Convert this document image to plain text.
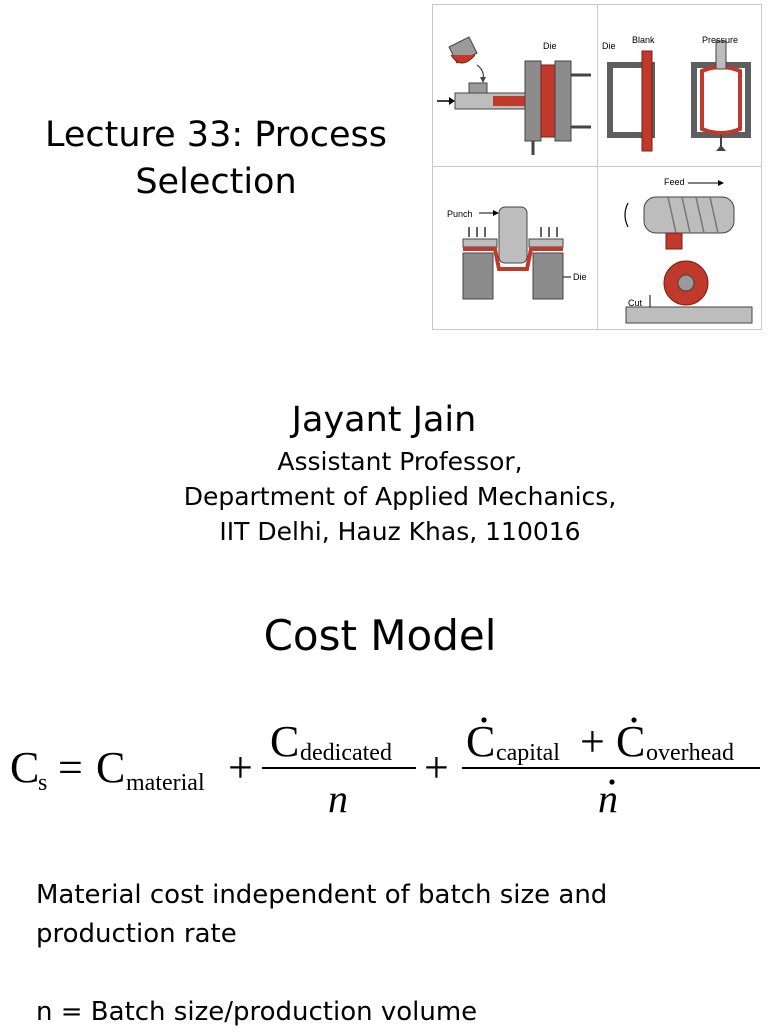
Lecture 33: Process
Selection
Die	Die
Blank	Pressure
Punch
Die
Feed
Cut
Jayant Jain
Assistant Professor,
Department of Applied Mechanics,
IIT Delhi, Hauz Khas, 110016
Cost Model
C
s = C material +
C dedicated
n
+
C capital + C overhead
n

Material cost independent of batch size and

production rate

n = Batch size/production volume
